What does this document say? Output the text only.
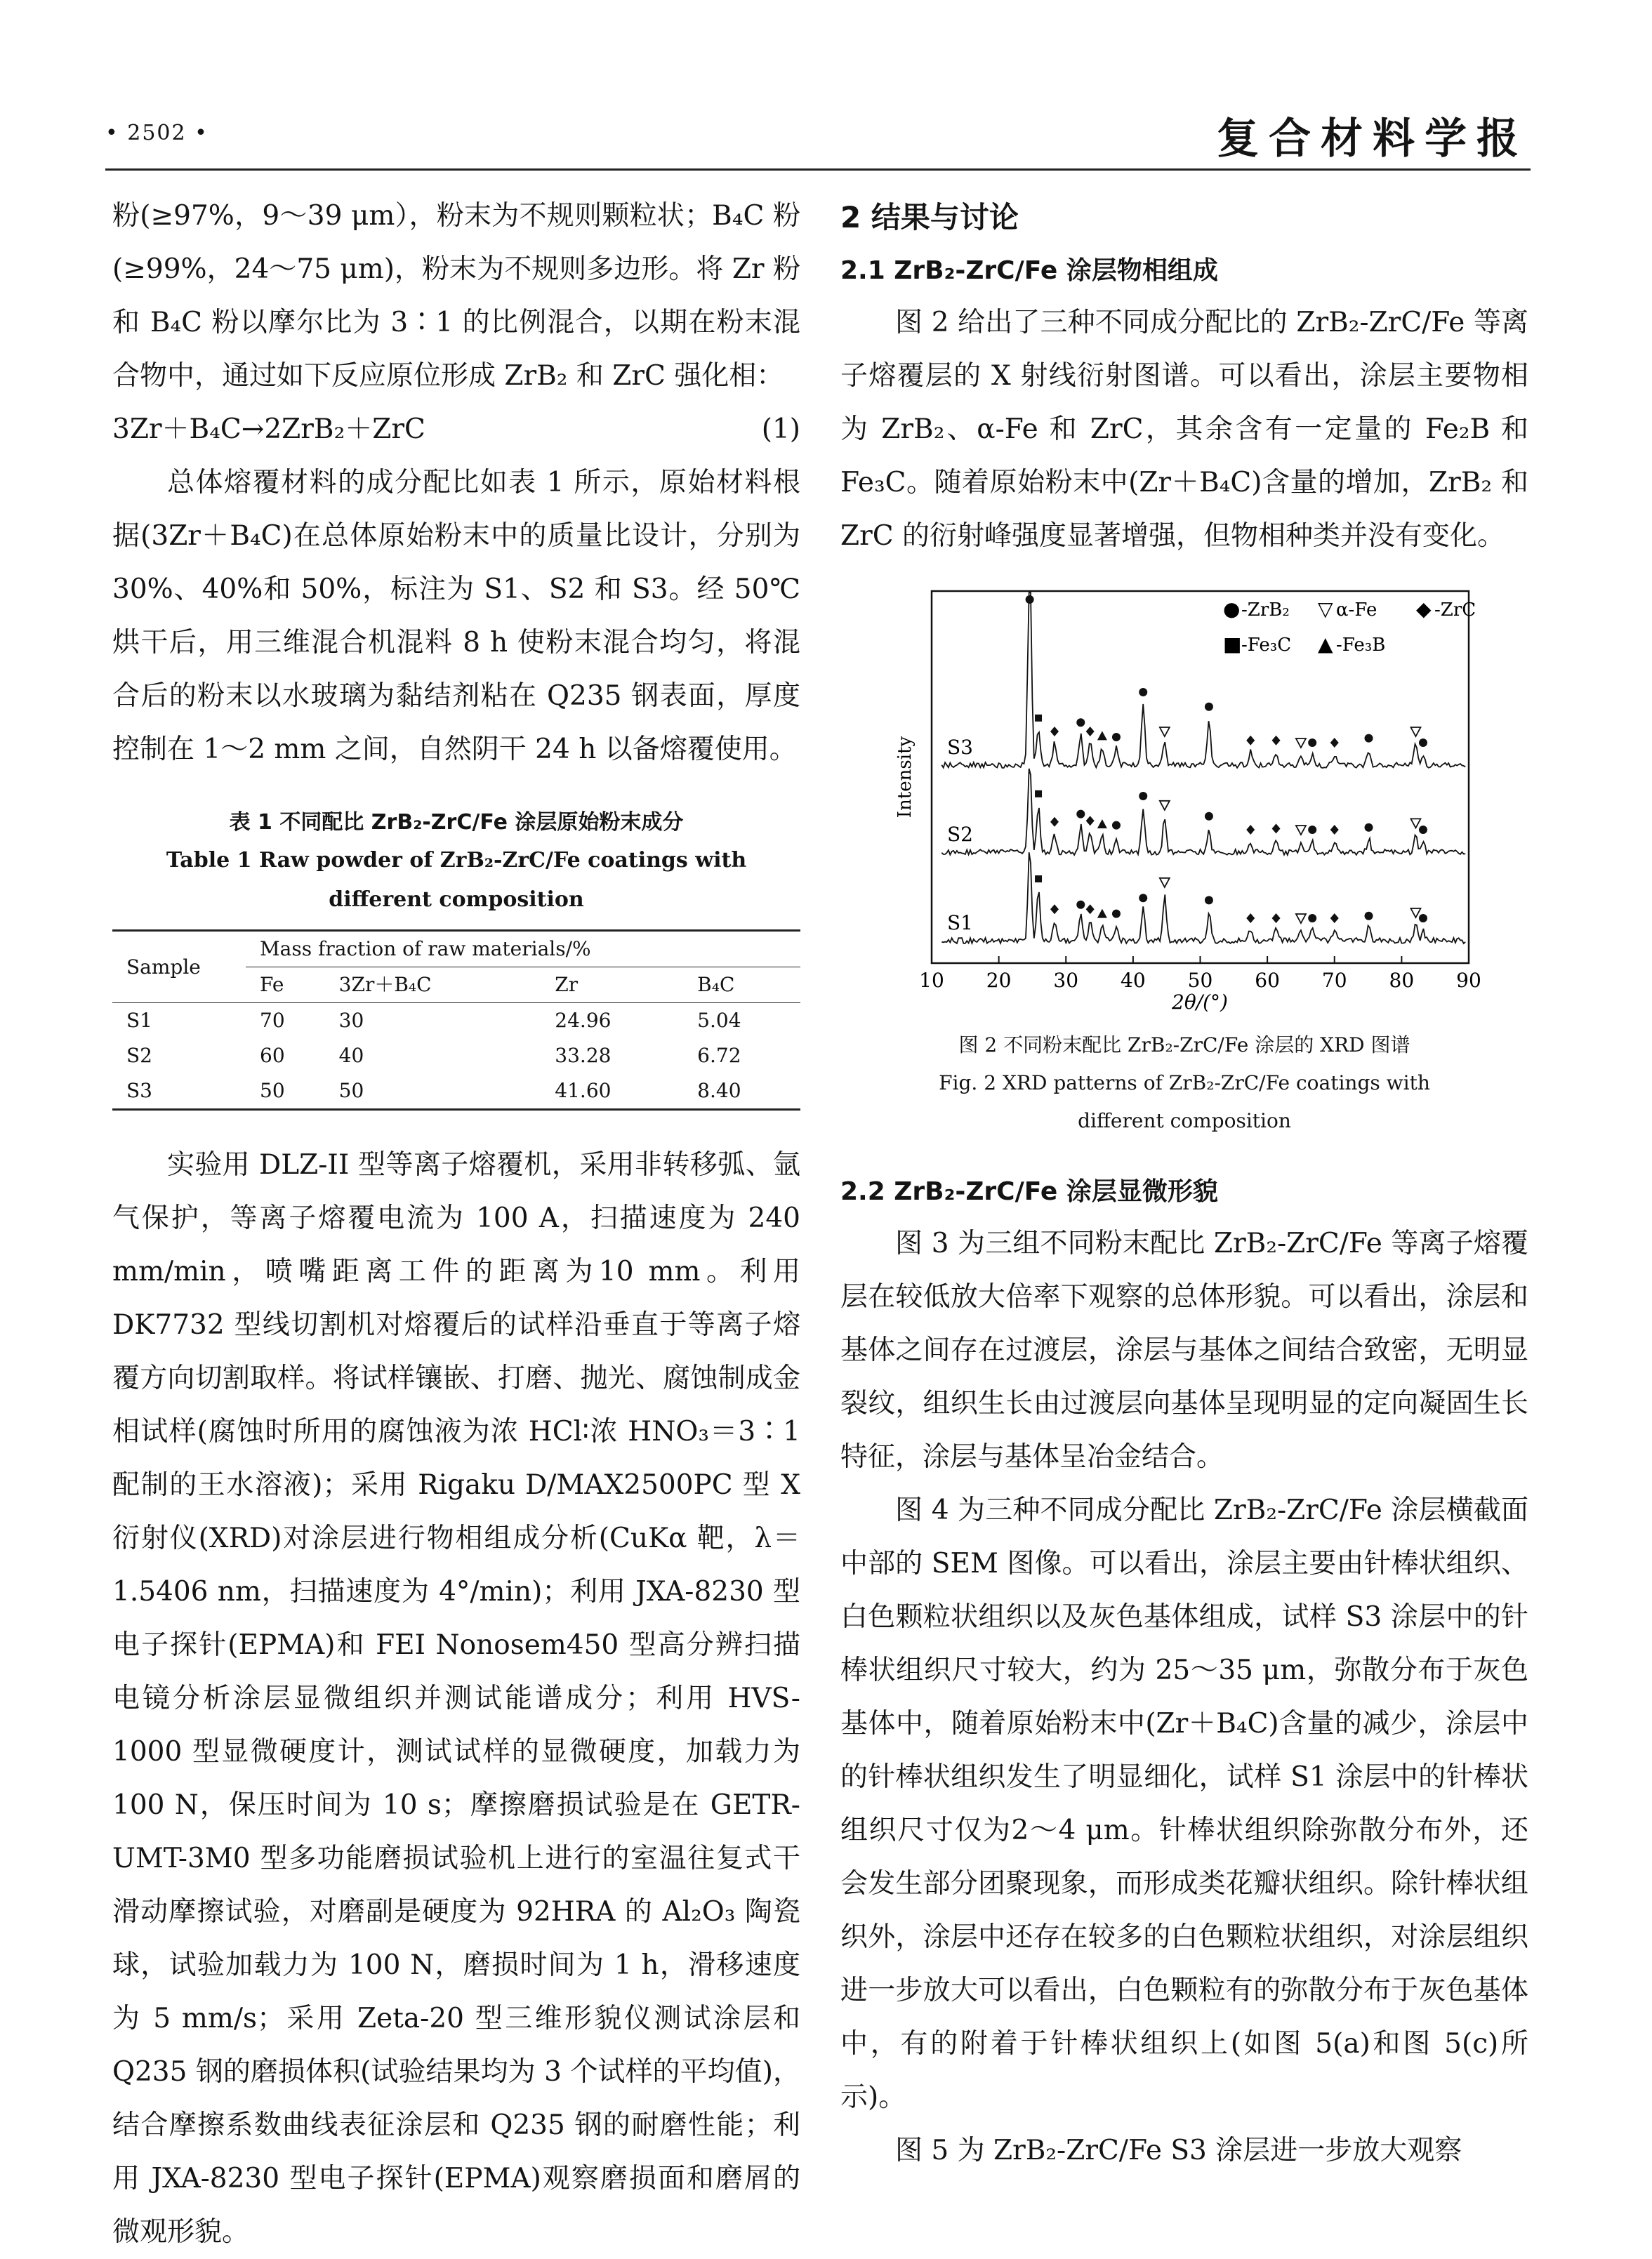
• 2502 •	复合材料学报

粉(≥97%，9～39 μm），粉末为不规则颗粒状；B₄C 粉(≥99%，24～75 μm)，粉末为不规则多边形。将 Zr 粉和 B₄C 粉以摩尔比为 3∶1 的比例混合，以期在粉末混合物中，通过如下反应原位形成 ZrB₂ 和 ZrC 强化相：

3Zr＋B₄C→2ZrB₂＋ZrC	(1)

总体熔覆材料的成分配比如表 1 所示，原始材料根据(3Zr＋B₄C)在总体原始粉末中的质量比设计，分别为 30%、40%和 50%，标注为 S1、S2 和 S3。经 50℃烘干后，用三维混合机混料 8 h 使粉末混合均匀，将混合后的粉末以水玻璃为黏结剂粘在 Q235 钢表面，厚度控制在 1～2 mm 之间，自然阴干 24 h 以备熔覆使用。

表 1 不同配比 ZrB₂-ZrC/Fe 涂层原始粉末成分
Table 1 Raw powder of ZrB₂-ZrC/Fe coatings with
different composition
Sample	Mass fraction of raw materials/%			
	Fe	3Zr＋B₄C	Zr	B₄C
S1	70	30	24.96	5.04
S2	60	40	33.28	6.72
S3	50	50	41.60	8.40

实验用 DLZ-II 型等离子熔覆机，采用非转移弧、氩气保护，等离子熔覆电流为 100 A，扫描速度为 240 mm/min，喷嘴距离工件的距离为10 mm。利用 DK7732 型线切割机对熔覆后的试样沿垂直于等离子熔覆方向切割取样。将试样镶嵌、打磨、抛光、腐蚀制成金相试样(腐蚀时所用的腐蚀液为浓 HCl∶浓 HNO₃＝3∶1 配制的王水溶液)；采用 Rigaku D/MAX2500PC 型 X 衍射仪(XRD)对涂层进行物相组成分析(CuKα 靶，λ＝1.5406 nm，扫描速度为 4°/min)；利用 JXA-8230 型电子探针(EPMA)和 FEI Nonosem450 型高分辨扫描电镜分析涂层显微组织并测试能谱成分；利用 HVS-1000 型显微硬度计，测试试样的显微硬度，加载力为 100 N，保压时间为 10 s；摩擦磨损试验是在 GETR-UMT-3M0 型多功能磨损试验机上进行的室温往复式干滑动摩擦试验，对磨副是硬度为 92HRA 的 Al₂O₃ 陶瓷球，试验加载力为 100 N，磨损时间为 1 h，滑移速度为 5 mm/s；采用 Zeta-20 型三维形貌仪测试涂层和 Q235 钢的磨损体积(试验结果均为 3 个试样的平均值)，结合摩擦系数曲线表征涂层和 Q235 钢的耐磨性能；利用 JXA-8230 型电子探针(EPMA)观察磨损面和磨屑的微观形貌。

2 结果与讨论
2.1 ZrB₂-ZrC/Fe 涂层物相组成

图 2 给出了三种不同成分配比的 ZrB₂-ZrC/Fe 等离子熔覆层的 X 射线衍射图谱。可以看出，涂层主要物相为 ZrB₂、α-Fe 和 ZrC，其余含有一定量的 Fe₂B 和 Fe₃C。随着原始粉末中(Zr＋B₄C)含量的增加，ZrB₂ 和 ZrC 的衍射峰强度显著增强，但物相种类并没有变化。

10 20 30 40 50 60 70 80 90
S1
S2
S3
● -ZrB₂ ▽ α-Fe ◆ -ZrC
■ -Fe₃C ▲ -Fe₃B
Intensity
2θ/(°)
图 2 不同粉末配比 ZrB₂-ZrC/Fe 涂层的 XRD 图谱
Fig. 2 XRD patterns of ZrB₂-ZrC/Fe coatings with
different composition
2.2 ZrB₂-ZrC/Fe 涂层显微形貌

图 3 为三组不同粉末配比 ZrB₂-ZrC/Fe 等离子熔覆层在较低放大倍率下观察的总体形貌。可以看出，涂层和基体之间存在过渡层，涂层与基体之间结合致密，无明显裂纹，组织生长由过渡层向基体呈现明显的定向凝固生长特征，涂层与基体呈冶金结合。

图 4 为三种不同成分配比 ZrB₂-ZrC/Fe 涂层横截面中部的 SEM 图像。可以看出，涂层主要由针棒状组织、白色颗粒状组织以及灰色基体组成，试样 S3 涂层中的针棒状组织尺寸较大，约为 25～35 μm，弥散分布于灰色基体中，随着原始粉末中(Zr＋B₄C)含量的减少，涂层中的针棒状组织发生了明显细化，试样 S1 涂层中的针棒状组织尺寸仅为2～4 μm。针棒状组织除弥散分布外，还会发生部分团聚现象，而形成类花瓣状组织。除针棒状组织外，涂层中还存在较多的白色颗粒状组织，对涂层组织进一步放大可以看出，白色颗粒有的弥散分布于灰色基体中，有的附着于针棒状组织上(如图 5(a)和图 5(c)所示)。

图 5 为 ZrB₂-ZrC/Fe S3 涂层进一步放大观察
